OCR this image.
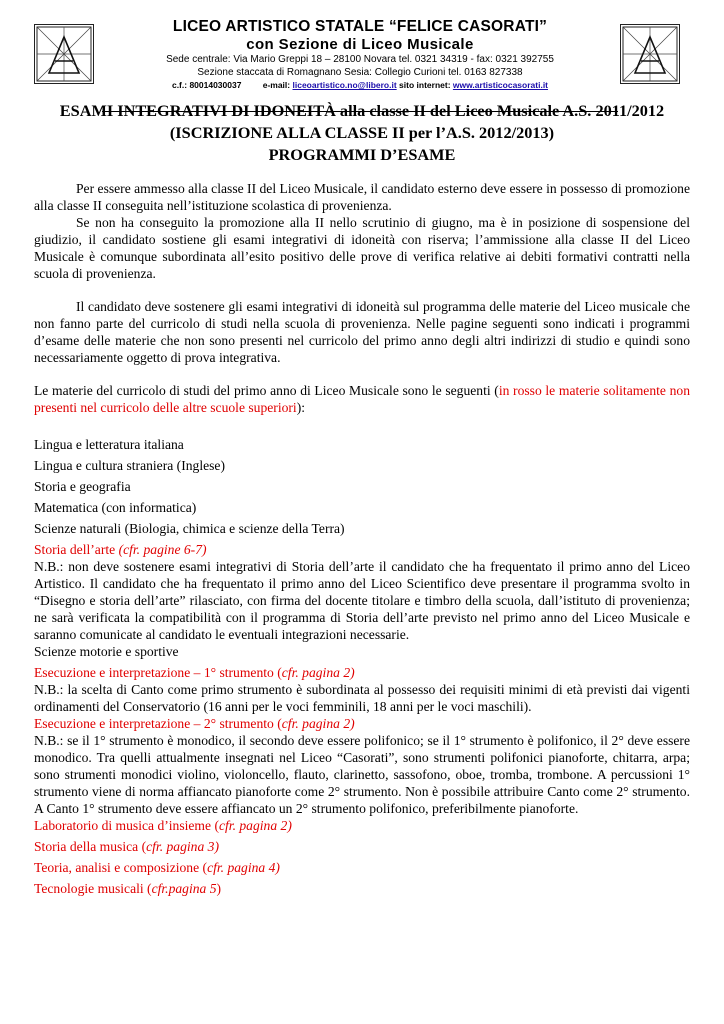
LICEO ARTISTICO STATALE “FELICE CASORATI”
con Sezione di Liceo Musicale
Sede centrale: Via Mario Greppi 18 – 28100 Novara tel. 0321 34319 - fax: 0321 392755
Sezione staccata di Romagnano Sesia: Collegio Curioni tel. 0163 827338
c.f.: 80014030037	e-mail: liceoartistico.no@libero.it sito internet: www.artisticocasorati.it
ESAMI INTEGRATIVI DI IDONEITÀ alla classe II del Liceo Musicale A.S. 2011/2012
(ISCRIZIONE ALLA CLASSE II per l’A.S. 2012/2013)
PROGRAMMI D’ESAME

Per essere ammesso alla classe II del Liceo Musicale, il candidato esterno deve essere in possesso di promozione alla classe II conseguita nell’istituzione scolastica di provenienza.

Se non ha conseguito la promozione alla II nello scrutinio di giugno, ma è in posizione di sospensione del giudizio, il candidato sostiene gli esami integrativi di idoneità con riserva; l’ammissione alla classe II del Liceo Musicale è comunque subordinata all’esito positivo delle prove di verifica relative ai debiti formativi contratti nella scuola di provenienza.

Il candidato deve sostenere gli esami integrativi di idoneità sul programma delle materie del Liceo musicale che non fanno parte del curricolo di studi nella scuola di provenienza. Nelle pagine seguenti sono indicati i programmi d’esame delle materie che non sono presenti nel curricolo del primo anno degli altri indirizzi di studio e quindi sono necessariamente oggetto di prova integrativa.

Le materie del curricolo di studi del primo anno di Liceo Musicale sono le seguenti (in rosso le materie solitamente non presenti nel curricolo delle altre scuole superiori):

Lingua e letteratura italiana

Lingua e cultura straniera (Inglese)

Storia e geografia

Matematica (con informatica)

Scienze naturali (Biologia, chimica e scienze della Terra)

Storia dell’arte (cfr. pagine 6-7)

N.B.: non deve sostenere esami integrativi di Storia dell’arte il candidato che ha frequentato il primo anno del Liceo Artistico. Il candidato che ha frequentato il primo anno del Liceo Scientifico deve presentare il programma svolto in “Disegno e storia dell’arte” rilasciato, con firma del docente titolare e timbro della scuola, dall’istituto di provenienza; ne sarà verificata la compatibilità con il programma di Storia dell’arte previsto nel primo anno del Liceo Musicale e saranno comunicate al candidato le eventuali integrazioni necessarie.

Scienze motorie e sportive

Esecuzione e interpretazione – 1° strumento (cfr. pagina 2)

N.B.: la scelta di Canto come primo strumento è subordinata al possesso dei requisiti minimi di età previsti dai vigenti ordinamenti del Conservatorio (16 anni per le voci femminili, 18 anni per le voci maschili).

Esecuzione e interpretazione – 2° strumento (cfr. pagina 2)

N.B.: se il 1° strumento è monodico, il secondo deve essere polifonico; se il 1° strumento è polifonico, il 2° deve essere monodico. Tra quelli attualmente insegnati nel Liceo “Casorati”, sono strumenti polifonici pianoforte, chitarra, arpa; sono strumenti monodici violino, violoncello, flauto, clarinetto, sassofono, oboe, tromba, trombone. A percussioni 1° strumento viene di norma affiancato pianoforte come 2° strumento. Non è possibile attribuire Canto come 2° strumento. A Canto 1° strumento deve essere affiancato un 2° strumento polifonico, preferibilmente pianoforte.

Laboratorio di musica d’insieme (cfr. pagina 2)

Storia della musica (cfr. pagina 3)

Teoria, analisi e composizione (cfr. pagina 4)

Tecnologie musicali (cfr.pagina 5)
